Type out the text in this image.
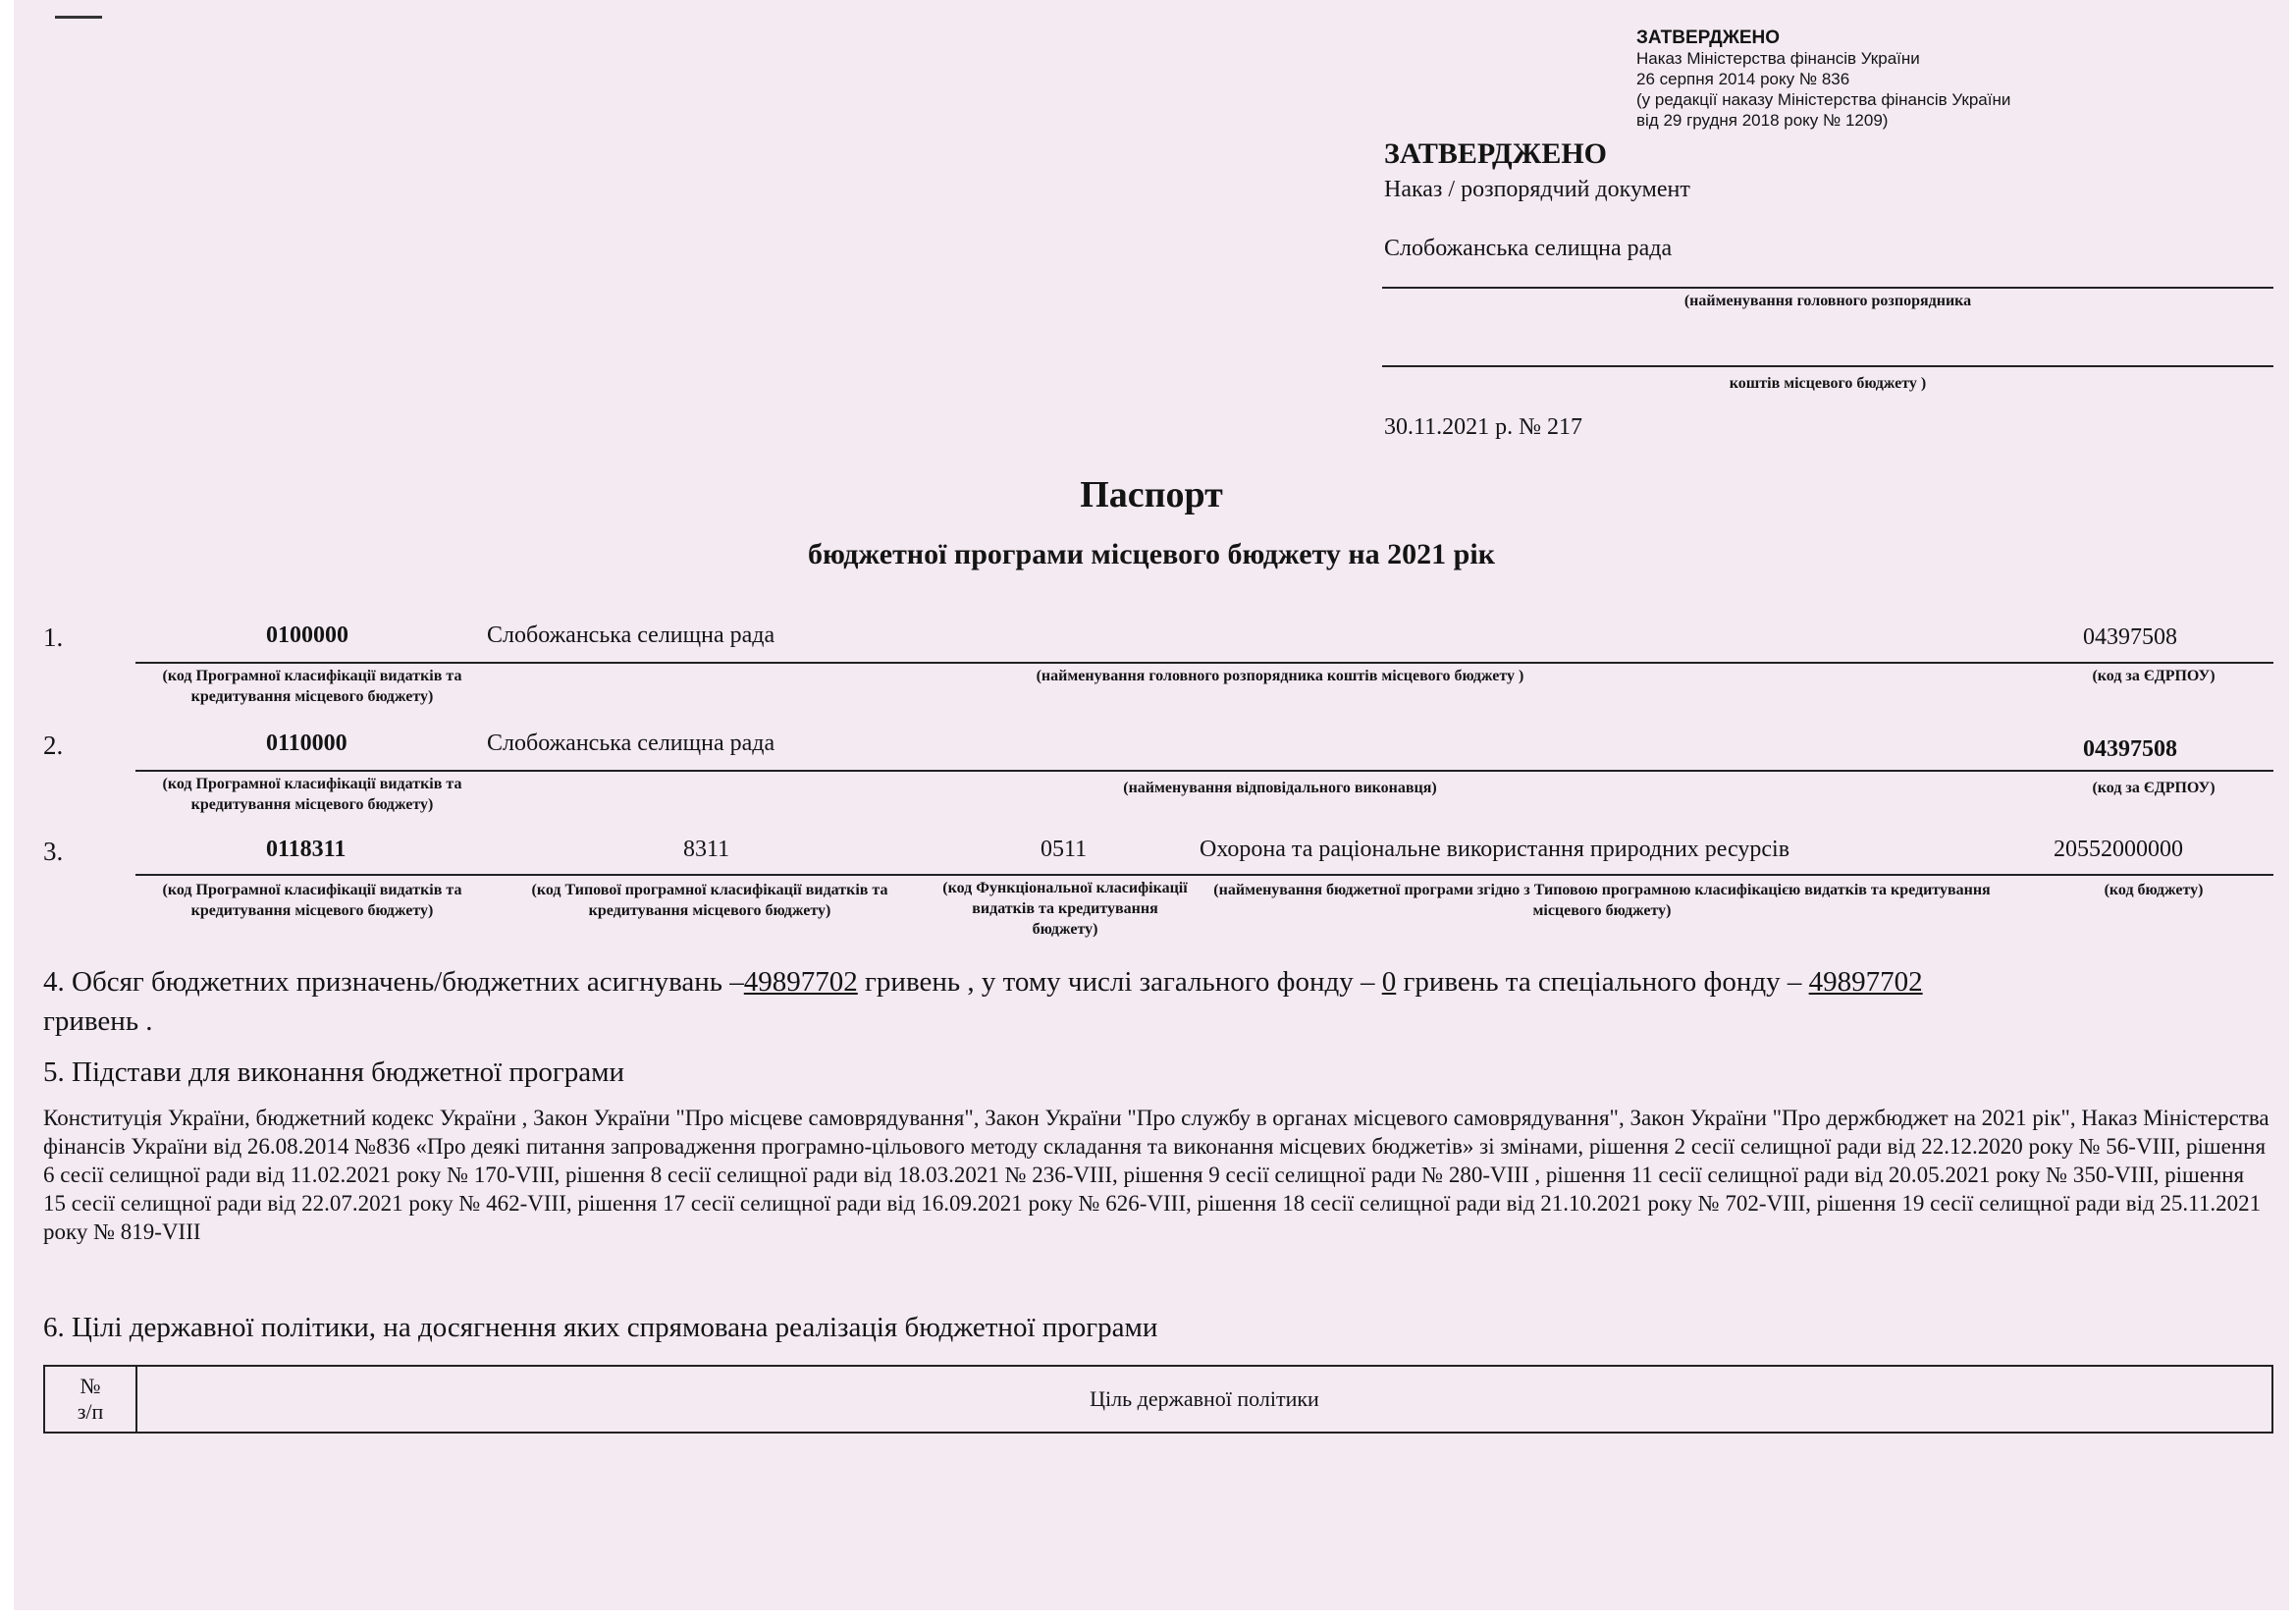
ЗАТВЕРДЖЕНО
Наказ Міністерства фінансів України
26 серпня 2014 року № 836
(у редакції наказу Міністерства фінансів України
від 29 грудня 2018 року № 1209)
ЗАТВЕРДЖЕНО
Наказ / розпорядчий документ
Слобожанська селищна рада
(найменування головного розпорядника
коштів місцевого бюджету )
30.11.2021 р. № 217
Паспорт
бюджетної програми місцевого бюджету на 2021 рік
1.	0100000	Слобожанська селищна рада	04397508
(код Програмної класифікації видатків та кредитування місцевого бюджету)
(найменування головного розпорядника коштів місцевого бюджету )	(код за ЄДРПОУ)
2.	0110000	Слобожанська селищна рада	04397508
(код Програмної класифікації видатків та кредитування місцевого бюджету)
(найменування відповідального виконавця)	(код за ЄДРПОУ)
3.	0118311	8311	0511	Охорона та раціональне використання природних ресурсів	20552000000
(код Програмної класифікації видатків та кредитування місцевого бюджету)
(код Типової програмної класифікації видатків та кредитування місцевого бюджету)
(код Функціональної класифікації видатків та кредитування бюджету)
(найменування бюджетної програми згідно з Типовою програмною класифікацією видатків та кредитування місцевого бюджету)
(код бюджету)
4. Обсяг бюджетних призначень/бюджетних асигнувань –49897702 гривень , у тому числі загального фонду – 0 гривень та спеціального фонду – 49897702
гривень .
5. Підстави для виконання бюджетної програми
Конституція України, бюджетний кодекс України , Закон України "Про місцеве самоврядування", Закон України "Про службу в органах місцевого самоврядування", Закон України "Про держбюджет на 2021 рік", Наказ Міністерства фінансів України від 26.08.2014 №836 «Про деякі питання запровадження програмно-цільового методу складання та виконання місцевих бюджетів» зі змінами, рішення 2 сесії селищної ради від 22.12.2020 року № 56-VIII, рішення 6 сесії селищної ради від 11.02.2021 року № 170-VIII, рішення 8 сесії селищної ради від 18.03.2021 № 236-VIII, рішення 9 сесії селищної ради № 280-VIII , рішення 11 сесії селищної ради від 20.05.2021 року № 350-VIII, рішення 15 сесії селищної ради від 22.07.2021 року № 462-VIII, рішення 17 сесії селищної ради від 16.09.2021 року № 626-VIII, рішення 18 сесії селищної ради від 21.10.2021 року № 702-VIII, рішення 19 сесії селищної ради від 25.11.2021 року № 819-VIII
6. Цілі державної політики, на досягнення яких спрямована реалізація бюджетної програми
№
з/п
	Ціль державної політики
